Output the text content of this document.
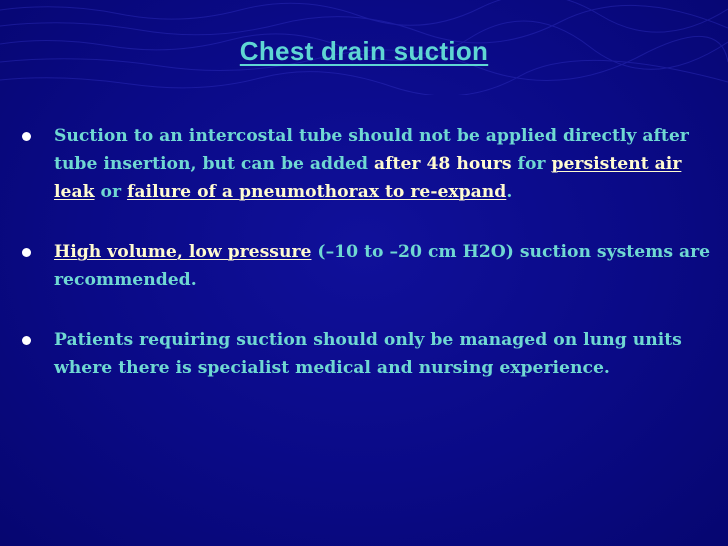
Chest drain suction
Suction to an intercostal tube should not be applied directly after tube insertion, but can be added after 48 hours for persistent air leak or failure of a pneumothorax to re-expand.
High volume, low pressure (–10 to –20 cm H2O) suction systems are recommended.
Patients requiring suction should only be managed on lung units where there is specialist medical and nursing experience.
